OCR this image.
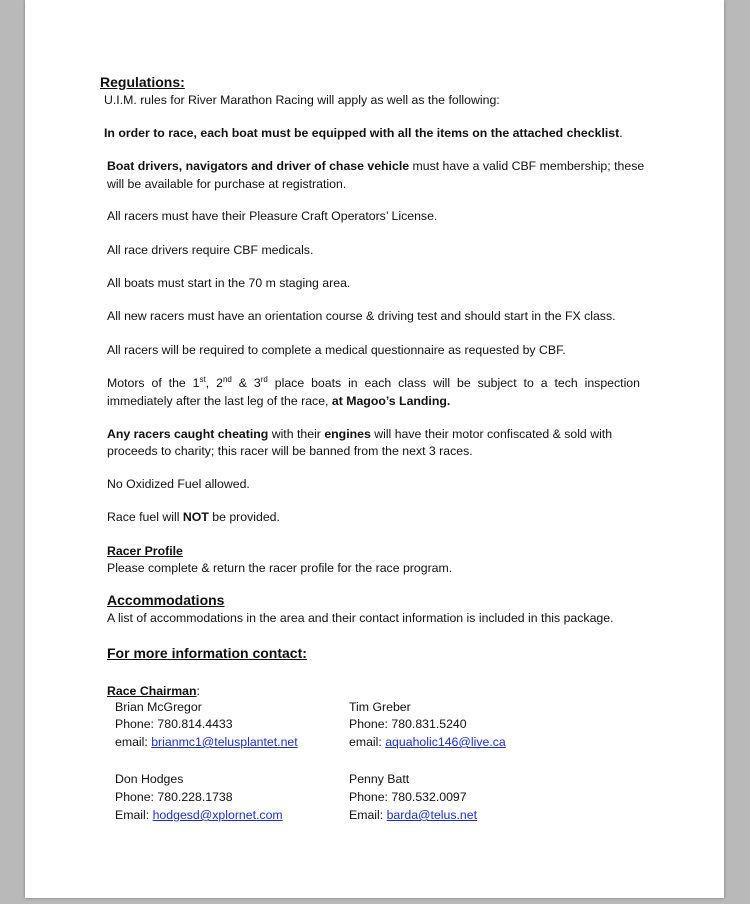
Regulations:
U.I.M. rules for River Marathon Racing will apply as well as the following:
In order to race, each boat must be equipped with all the items on the attached checklist.
Boat drivers, navigators and driver of chase vehicle must have a valid CBF membership; these
will be available for purchase at registration.
All racers must have their Pleasure Craft Operators’ License.
All race drivers require CBF medicals.
All boats must start in the 70 m staging area.
All new racers must have an orientation course & driving test and should start in the FX class.
All racers will be required to complete a medical questionnaire as requested by CBF.
Motors of the 1st, 2nd & 3rd place boats in each class will be subject to a tech inspection
immediately after the last leg of the race, at Magoo’s Landing.
Any racers caught cheating with their engines will have their motor confiscated & sold with
proceeds to charity; this racer will be banned from the next 3 races.
No Oxidized Fuel allowed.
Race fuel will NOT be provided.
Racer Profile
Please complete & return the racer profile for the race program.
Accommodations
A list of accommodations in the area and their contact information is included in this package.
For more information contact:
Race Chairman:
Brian McGregor
Phone: 780.814.4433
email: brianmc1@telusplantet.net
Tim Greber
Phone: 780.831.5240
email: aquaholic146@live.ca
Don Hodges
Phone: 780.228.1738
Email: hodgesd@xplornet.com
Penny Batt
Phone: 780.532.0097
Email: barda@telus.net
